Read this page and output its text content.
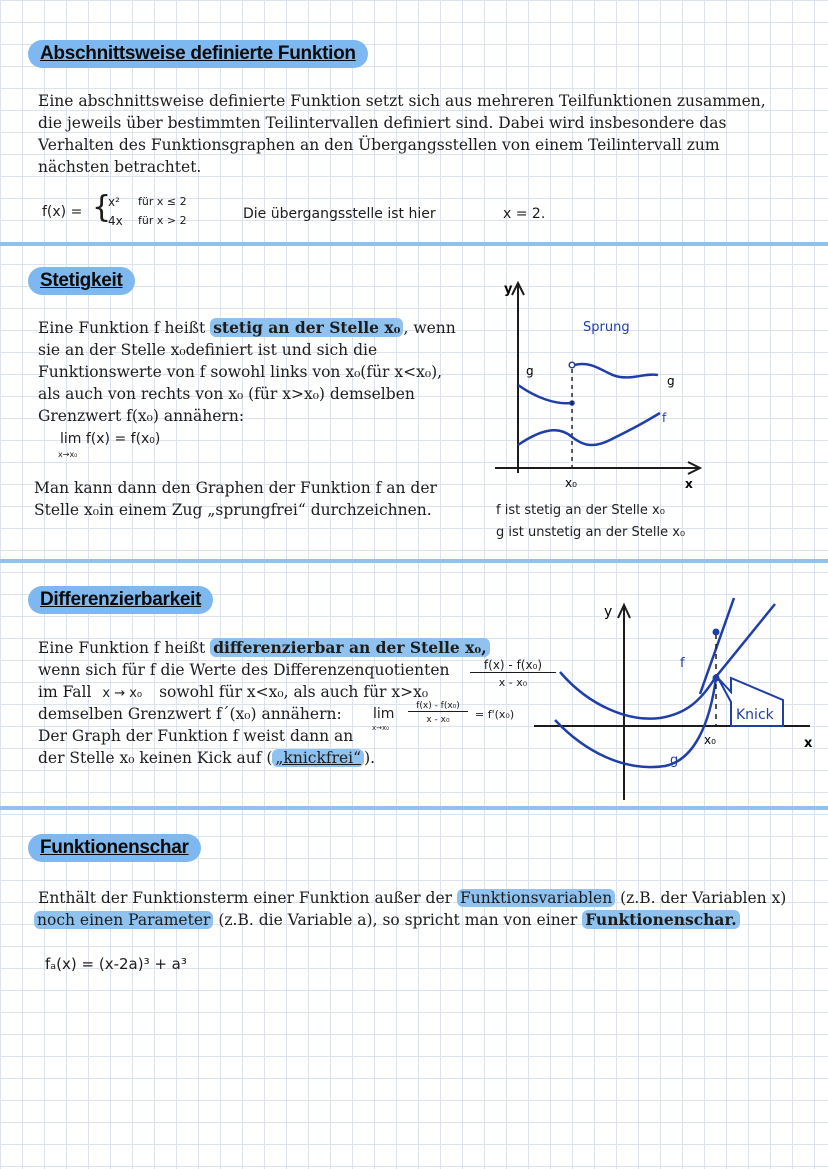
Abschnittsweise definierte Funktion
Eine abschnittsweise definierte Funktion setzt sich aus mehreren Teilfunktionen zusammen, die jeweils über bestimmten Teilintervallen definiert sind. Dabei wird insbesondere das Verhalten des Funktionsgraphen an den Übergangsstellen von einem Teilintervall zum nächsten betrachtet.
f(x) = {
x² für x ≤ 2
4x für x > 2	Die übergangsstelle ist hier	x = 2.
Stetigkeit
Eine Funktion f heißt stetig an der Stelle x₀ , wenn
sie an der Stelle x₀definiert ist und sich die
Funktionswerte von f sowohl links von x₀(für x<x₀),
als auch von rechts von x₀ (für x>x₀) demselben
Grenzwert f(x₀) annähern:
lim f(x) = f(x₀)
x→x₀
Man kann dann den Graphen der Funktion f an der
Stelle x₀in einem Zug „sprungfrei“ durchzeichnen.
y
x
Sprung
g
g
f
x₀
f ist stetig an der Stelle x₀
g ist unstetig an der Stelle x₀
Differenzierbarkeit
Eine Funktion f heißt differenzierbar an der Stelle x₀,
wenn sich für f die Werte des Differenzenquotienten	f(x) - f(x₀)
x - x₀
im Fall x → x₀ sowohl für x<x₀, als auch für x>x₀
demselben Grenzwert f´(x₀) annähern: lim
x→x₀
f(x) - f(x₀)
x - x₀	= f'(x₀)
Der Graph der Funktion f weist dann an
der Stelle x₀ keinen Kick auf ( „knickfrei“ ).
y
x
Knick
f
g
x₀
Funktionenschar
Enthält der Funktionsterm einer Funktion außer der Funktionsvariablen (z.B. der Variablen x)
noch einen Parameter (z.B. die Variable a), so spricht man von einer Funktionenschar.
fₐ(x) = (x-2a)³ + a³
